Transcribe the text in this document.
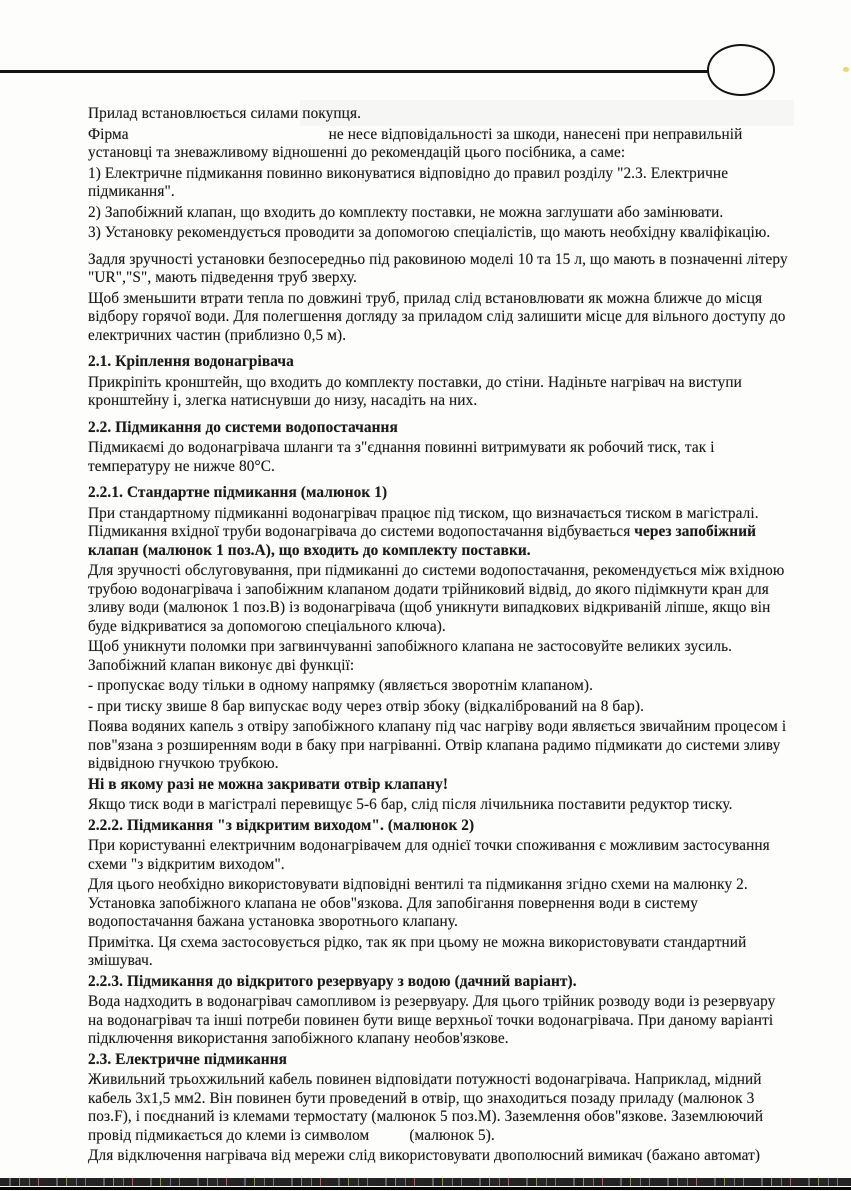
Прилад встановлюється силами покупця.
Фірма	не несе відповідальності за шкоди, нанесені при неправильній установці та зневажливому відношенні до рекомендацій цього посібника, а саме:
1) Електричне підмикання повинно виконуватися відповідно до правил розділу "2.3. Електричне підмикання".
2) Запобіжний клапан, що входить до комплекту поставки, не можна заглушати або замінювати.
3) Установку рекомендується проводити за допомогою спеціалістів, що мають необхідну кваліфікацію.
Задля зручності установки безпосередньо під раковиною моделі 10 та 15 л, що мають в позначенні літеру "UR","S", мають підведення труб зверху.
Щоб зменьшити втрати тепла по довжині труб, прилад слід встановлювати як можна ближче до місця відбору горячої води. Для полегшення догляду за приладом слід залишити місце для вільного доступу до електричних частин (приблизно 0,5 м).
2.1. Кріплення водонагрівача
Прикріпіть кронштейн, що входить до комплекту поставки, до стіни. Надіньте нагрівач на виступи кронштейну і, злегка натиснувши до низу, насадіть на них.
2.2. Підмикання до системи водопостачання
Підмикаємі до водонагрівача шланги та з"єднання повинні витримувати як робочий тиск, так і температуру не нижче 80°С.
2.2.1. Стандартне підмикання (малюнок 1)
При стандартному підмиканні водонагрівач працює під тиском, що визначається тиском в магістралі. Підмикання вхідної труби водонагрівача до системи водопостачання відбувається через запобіжний клапан (малюнок 1 поз.А), що входить до комплекту поставки.
Для зручності обслуговування, при підмиканні до системи водопостачання, рекомендується між вхідною трубою водонагрівача і запобіжним клапаном додати трійниковий відвід, до якого підімкнути кран для зливу води (малюнок 1 поз.В) із водонагрівача (щоб уникнути випадкових відкриваній ліпше, якщо він буде відкриватися за допомогою спеціального ключа).
Щоб уникнути поломки при загвинчуванні запобіжного клапана не застосовуйте великих зусиль. Запобіжний клапан виконує дві функції:
- пропускає воду тільки в одному напрямку (являється зворотнім клапаном).
- при тиску звише 8 бар випускає воду через отвір збоку (відкалібрований на 8 бар).
Поява водяних капель з отвіру запобіжного клапану під час нагріву води являється звичайним процесом і пов"язана з розширенням води в баку при нагріванні. Отвір клапана радимо підмикати до системи зливу відвідною гнучкою трубкою.
Ні в якому разі не можна закривати отвір клапану!
Якщо тиск води в магістралі перевищує 5-6 бар, слід після лічильника поставити редуктор тиску.
2.2.2. Підмикання "з відкритим виходом". (малюнок 2)
При користуванні електричним водонагрівачем для однієї точки споживання є можливим застосування схеми "з відкритим виходом".
Для цього необхідно використовувати відповідні вентилі та підмикання згідно схеми на малюнку 2. Установка запобіжного клапана не обов"язкова. Для запобігання повернення води в систему водопостачання бажана установка зворотнього клапану.
Примітка. Ця схема застосовується рідко, так як при цьому не можна використовувати стандартний змішувач.
2.2.3. Підмикання до відкритого резервуару з водою (дачний варіант).
Вода надходить в водонагрівач самопливом із резервуару. Для цього трійник розводу води із резервуару на водонагрівач та інші потреби повинен бути вище верхньої точки водонагрівача. При даному варіанті підключення використання запобіжного клапану необов'язкове.
2.3. Електричне підмикання
Живильний трьохжильний кабель повинен відповідати потужності водонагрівача. Наприклад, мідний кабель 3х1,5 мм2. Він повинен бути проведений в отвір, що знаходиться позаду приладу (малюнок 3 поз.F), і поєднаний із клемами термостату (малюнок 5 поз.М). Заземлення обов"язкове. Заземлюючий провід підмикається до клеми із символом	(малюнок 5).
Для відключення нагрівача від мережи слід використовувати двополюсний вимикач (бажано автомат)
